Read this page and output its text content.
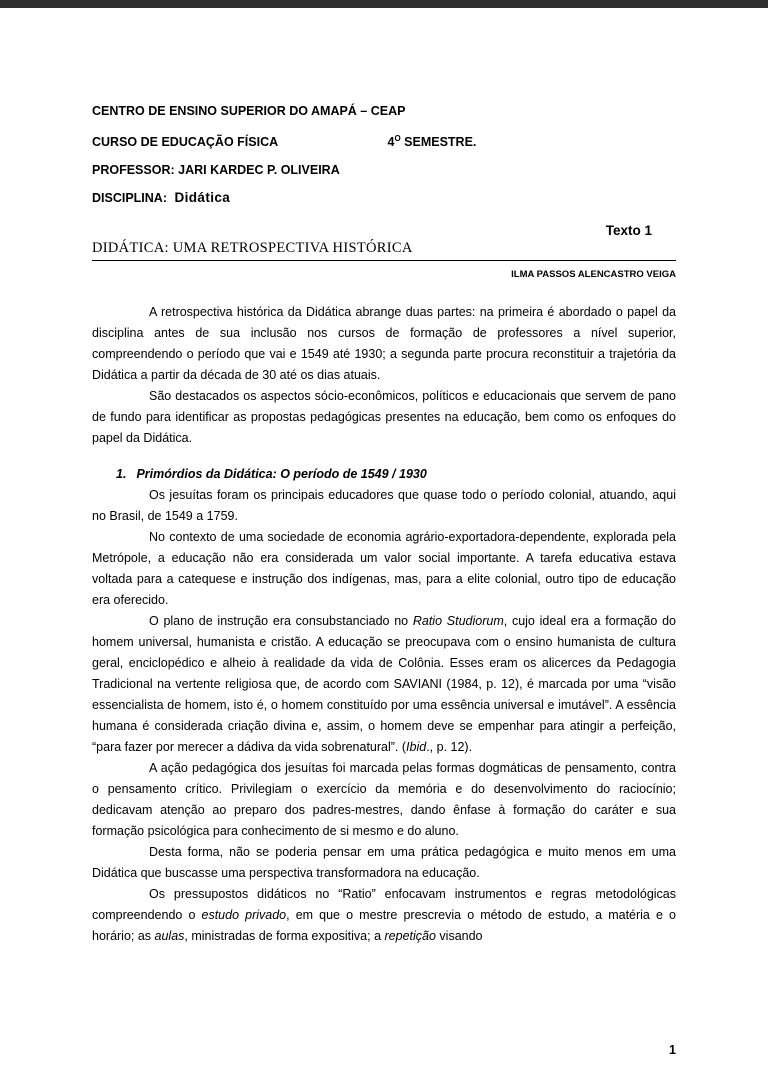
CENTRO DE ENSINO SUPERIOR DO AMAPÁ – CEAP

CURSO DE EDUCAÇÃO FÍSICA	$4^O$ SEMESTRE.

PROFESSOR: JARI KARDEC P. OLIVEIRA

DISCIPLINA: Didática

Texto 1
DIDÁTICA: UMA RETROSPECTIVA HISTÓRICA
ILMA PASSOS ALENCASTRO VEIGA

A retrospectiva histórica da Didática abrange duas partes: na primeira é abordado o papel da disciplina antes de sua inclusão nos cursos de formação de professores a nível superior, compreendendo o período que vai e 1549 até 1930; a segunda parte procura reconstituir a trajetória da Didática a partir da década de 30 até os dias atuais.

São destacados os aspectos sócio-econômicos, políticos e educacionais que servem de pano de fundo para identificar as propostas pedagógicas presentes na educação, bem como os enfoques do papel da Didática.

1. Primórdios da Didática: O período de 1549 / 1930

Os jesuítas foram os principais educadores que quase todo o período colonial, atuando, aqui no Brasil, de 1549 a 1759.

No contexto de uma sociedade de economia agrário-exportadora-dependente, explorada pela Metrópole, a educação não era considerada um valor social importante. A tarefa educativa estava voltada para a catequese e instrução dos indígenas, mas, para a elite colonial, outro tipo de educação era oferecido.

O plano de instrução era consubstanciado no Ratio Studiorum, cujo ideal era a formação do homem universal, humanista e cristão. A educação se preocupava com o ensino humanista de cultura geral, enciclopédico e alheio à realidade da vida de Colônia. Esses eram os alicerces da Pedagogia Tradicional na vertente religiosa que, de acordo com SAVIANI (1984, p. 12), é marcada por uma “visão essencialista de homem, isto é, o homem constituído por uma essência universal e imutável”. A essência humana é considerada criação divina e, assim, o homem deve se empenhar para atingir a perfeição, “para fazer por merecer a dádiva da vida sobrenatural”. (Ibid., p. 12).

A ação pedagógica dos jesuítas foi marcada pelas formas dogmáticas de pensamento, contra o pensamento crítico. Privilegiam o exercício da memória e do desenvolvimento do raciocínio; dedicavam atenção ao preparo dos padres-mestres, dando ênfase à formação do caráter e sua formação psicológica para conhecimento de si mesmo e do aluno.

Desta forma, não se poderia pensar em uma prática pedagógica e muito menos em uma Didática que buscasse uma perspectiva transformadora na educação.

Os pressupostos didáticos no “Ratio” enfocavam instrumentos e regras metodológicas compreendendo o estudo privado, em que o mestre prescrevia o método de estudo, a matéria e o horário; as aulas, ministradas de forma expositiva; a repetição visando

1
